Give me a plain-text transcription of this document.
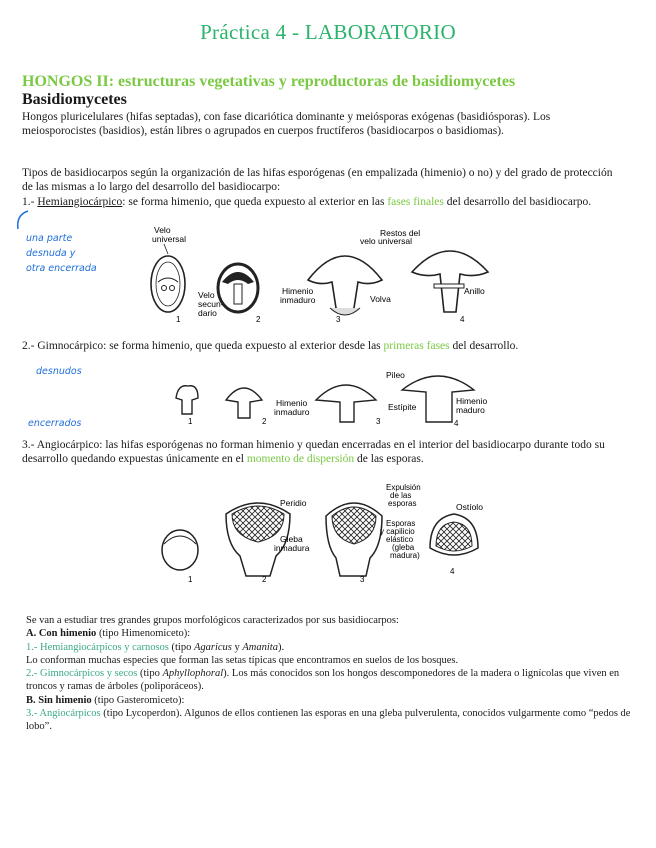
Práctica 4 - LABORATORIO
HONGOS II: estructuras vegetativas y reproductoras de basidiomycetes
Basidiomycetes
Hongos pluricelulares (hifas septadas), con fase dicariótica dominante y meiósporas exógenas (basidiósporas). Los meiosporocistes (basidios), están libres o agrupados en cuerpos fructíferos (basidiocarpos o basidiomas).
Tipos de basidiocarpos según la organización de las hifas esporógenas (en empalizada (himenio) o no) y del grado de protección de las mismas a lo largo del desarrollo del basidiocarpo:
1.- Hemiangiocárpico: se forma himenio, que queda expuesto al exterior en las fases finales del desarrollo del basidiocarpo.
una parte
desnuda y
otra encerrada
Velo
universal
1
Velo
secun-
dario
2
Restos del
velo universal
Himenio
inmaduro	Volva
3
Anillo
4
2.- Gimnocárpico: se forma himenio, que queda expuesto al exterior desde las primeras fases del desarrollo.
desnudos
1	2
Himenio
inmaduro
3
Pileo
Estípite
Himenio
maduro
4
encerrados
3.- Angiocárpico: las hifas esporógenas no forman himenio y quedan encerradas en el interior del basidiocarpo durante todo su desarrollo quedando expuestas únicamente en el momento de dispersión de las esporas.
1	2
Peridio
Gleba
inmadura
3
Expulsión
de las
esporas	Ostíolo
Esporas
y capilicio
elástico
(gleba
madura)
4
Se van a estudiar tres grandes grupos morfológicos caracterizados por sus basidiocarpos:
A. Con himenio (tipo Himenomiceto):
1.- Hemiangiocárpicos y carnosos (tipo Agaricus y Amanita).
Lo conforman muchas especies que forman las setas típicas que encontramos en suelos de los bosques.
2.- Gimnocárpicos y secos (tipo Aphyllophoral). Los más conocidos son los hongos descomponedores de la madera o lignícolas que viven en troncos y ramas de árboles (poliporáceos).
B. Sin himenio (tipo Gasteromiceto):
3.- Angiocárpicos (tipo Lycoperdon). Algunos de ellos contienen las esporas en una gleba pulverulenta, conocidos vulgarmente como “pedos de lobo”.
